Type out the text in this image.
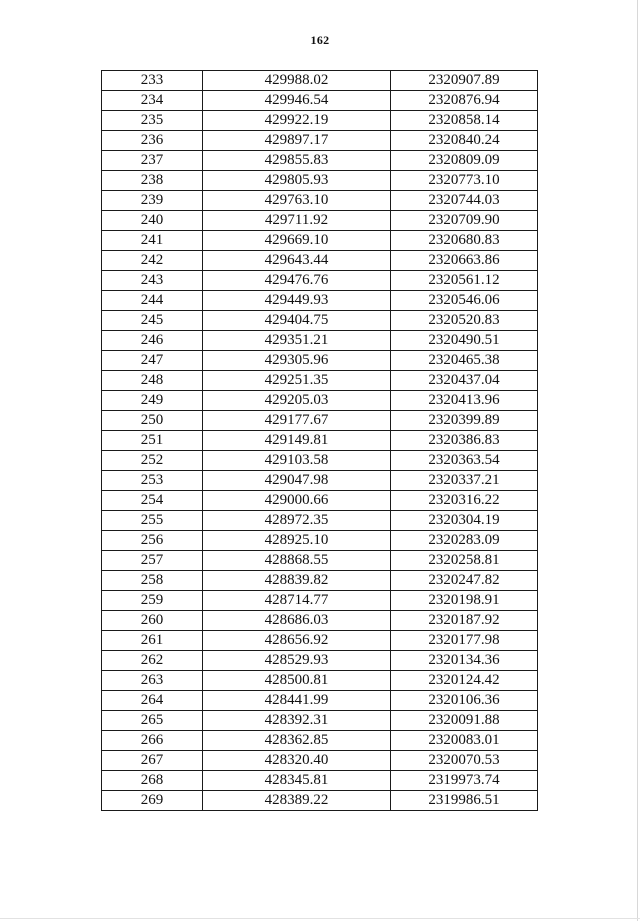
162
233	429988.02	2320907.89
234	429946.54	2320876.94
235	429922.19	2320858.14
236	429897.17	2320840.24
237	429855.83	2320809.09
238	429805.93	2320773.10
239	429763.10	2320744.03
240	429711.92	2320709.90
241	429669.10	2320680.83
242	429643.44	2320663.86
243	429476.76	2320561.12
244	429449.93	2320546.06
245	429404.75	2320520.83
246	429351.21	2320490.51
247	429305.96	2320465.38
248	429251.35	2320437.04
249	429205.03	2320413.96
250	429177.67	2320399.89
251	429149.81	2320386.83
252	429103.58	2320363.54
253	429047.98	2320337.21
254	429000.66	2320316.22
255	428972.35	2320304.19
256	428925.10	2320283.09
257	428868.55	2320258.81
258	428839.82	2320247.82
259	428714.77	2320198.91
260	428686.03	2320187.92
261	428656.92	2320177.98
262	428529.93	2320134.36
263	428500.81	2320124.42
264	428441.99	2320106.36
265	428392.31	2320091.88
266	428362.85	2320083.01
267	428320.40	2320070.53
268	428345.81	2319973.74
269	428389.22	2319986.51
